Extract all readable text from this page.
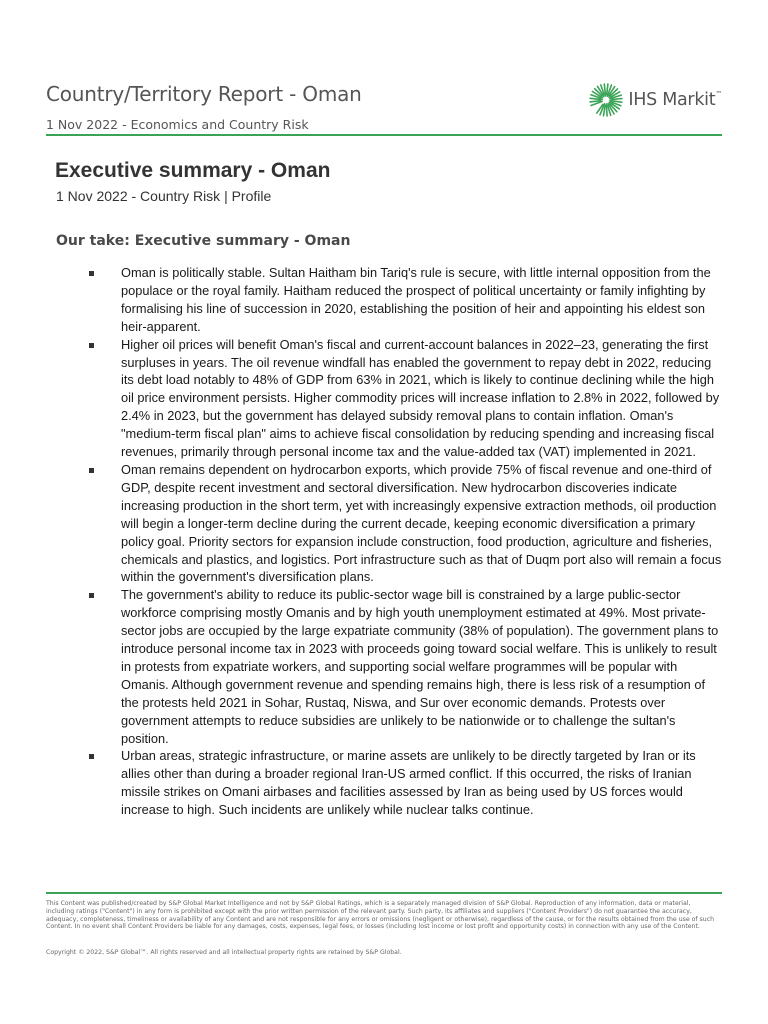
Country/Territory Report - Oman
1 Nov 2022 - Economics and Country Risk
IHS Markit™
Executive summary - Oman
1 Nov 2022 - Country Risk | Profile
Our take: Executive summary - Oman
Oman is politically stable. Sultan Haitham bin Tariq's rule is secure, with little internal opposition from the populace or the royal family. Haitham reduced the prospect of political uncertainty or family infighting by formalising his line of succession in 2020, establishing the position of heir and appointing his eldest son heir-apparent.
Higher oil prices will benefit Oman's fiscal and current-account balances in 2022–23, generating the first surpluses in years. The oil revenue windfall has enabled the government to repay debt in 2022, reducing its debt load notably to 48% of GDP from 63% in 2021, which is likely to continue declining while the high oil price environment persists. Higher commodity prices will increase inflation to 2.8% in 2022, followed by 2.4% in 2023, but the government has delayed subsidy removal plans to contain inflation. Oman's "medium-term fiscal plan" aims to achieve fiscal consolidation by reducing spending and increasing fiscal revenues, primarily through personal income tax and the value-added tax (VAT) implemented in 2021.
Oman remains dependent on hydrocarbon exports, which provide 75% of fiscal revenue and one-third of GDP, despite recent investment and sectoral diversification. New hydrocarbon discoveries indicate increasing production in the short term, yet with increasingly expensive extraction methods, oil production will begin a longer-term decline during the current decade, keeping economic diversification a primary policy goal. Priority sectors for expansion include construction, food production, agriculture and fisheries, chemicals and plastics, and logistics. Port infrastructure such as that of Duqm port also will remain a focus within the government's diversification plans.
The government's ability to reduce its public-sector wage bill is constrained by a large public-sector workforce comprising mostly Omanis and by high youth unemployment estimated at 49%. Most private-sector jobs are occupied by the large expatriate community (38% of population). The government plans to introduce personal income tax in 2023 with proceeds going toward social welfare. This is unlikely to result in protests from expatriate workers, and supporting social welfare programmes will be popular with Omanis. Although government revenue and spending remains high, there is less risk of a resumption of the protests held 2021 in Sohar, Rustaq, Niswa, and Sur over economic demands. Protests over government attempts to reduce subsidies are unlikely to be nationwide or to challenge the sultan's position.
Urban areas, strategic infrastructure, or marine assets are unlikely to be directly targeted by Iran or its allies other than during a broader regional Iran-US armed conflict. If this occurred, the risks of Iranian missile strikes on Omani airbases and facilities assessed by Iran as being used by US forces would increase to high. Such incidents are unlikely while nuclear talks continue.
This Content was published/created by S&P Global Market Intelligence and not by S&P Global Ratings, which is a separately managed division of S&P Global. Reproduction of any information, data or material, including ratings ("Content") in any form is prohibited except with the prior written permission of the relevant party. Such party, its affiliates and suppliers ("Content Providers") do not guarantee the accuracy, adequacy, completeness, timeliness or availability of any Content and are not responsible for any errors or omissions (negligent or otherwise), regardless of the cause, or for the results obtained from the use of such Content. In no event shall Content Providers be liable for any damages, costs, expenses, legal fees, or losses (including lost income or lost profit and opportunity costs) in connection with any use of the Content.
Copyright © 2022, S&P Global™. All rights reserved and all intellectual property rights are retained by S&P Global.
